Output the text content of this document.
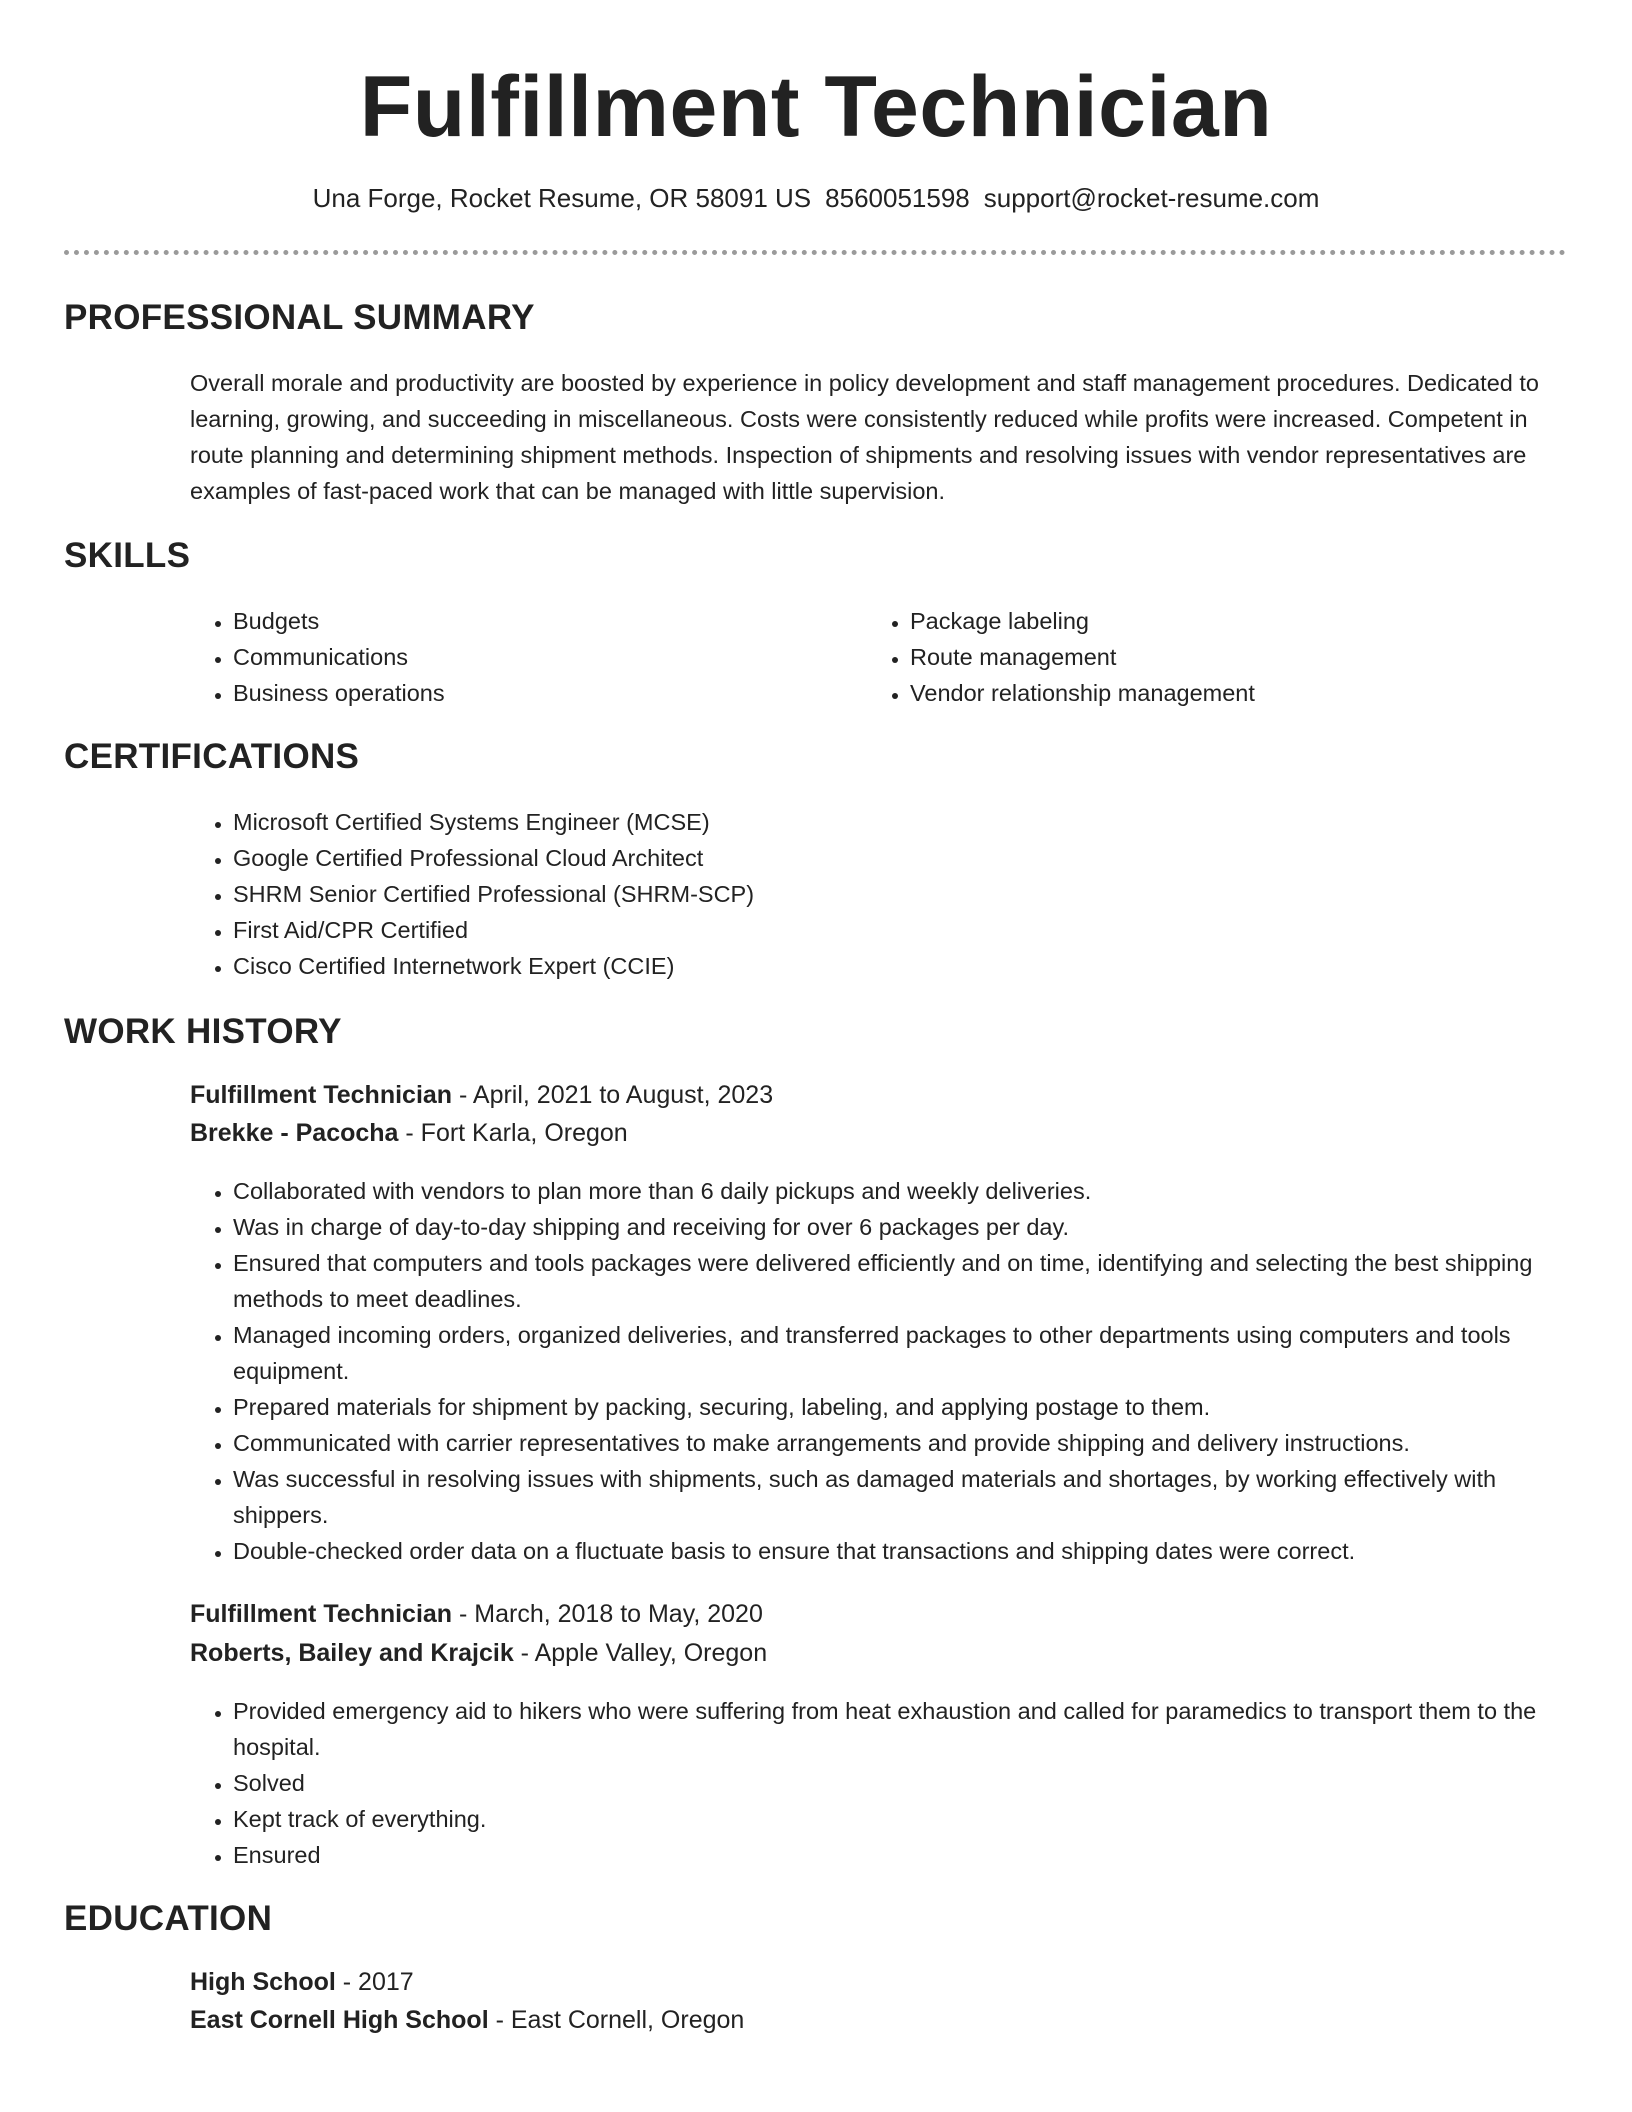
Fulfillment Technician
Una Forge, Rocket Resume, OR 58091 US 8560051598 support@rocket-resume.com
PROFESSIONAL SUMMARY

Overall morale and productivity are boosted by experience in policy development and staff management procedures. Dedicated to learning, growing, and succeeding in miscellaneous. Costs were consistently reduced while profits were increased. Competent in route planning and determining shipment methods. Inspection of shipments and resolving issues with vendor representatives are examples of fast-paced work that can be managed with little supervision.

SKILLS
• Budgets
• Communications
• Business operations
• Package labeling
• Route management
• Vendor relationship management
CERTIFICATIONS
• Microsoft Certified Systems Engineer (MCSE)
• Google Certified Professional Cloud Architect
• SHRM Senior Certified Professional (SHRM-SCP)
• First Aid/CPR Certified
• Cisco Certified Internetwork Expert (CCIE)
WORK HISTORY
Fulfillment Technician - April, 2021 to August, 2023
Brekke - Pacocha - Fort Karla, Oregon
• Collaborated with vendors to plan more than 6 daily pickups and weekly deliveries.
• Was in charge of day-to-day shipping and receiving for over 6 packages per day.
• Ensured that computers and tools packages were delivered efficiently and on time, identifying and selecting the best shipping methods to meet deadlines.
• Managed incoming orders, organized deliveries, and transferred packages to other departments using computers and tools equipment.
• Prepared materials for shipment by packing, securing, labeling, and applying postage to them.
• Communicated with carrier representatives to make arrangements and provide shipping and delivery instructions.
• Was successful in resolving issues with shipments, such as damaged materials and shortages, by working effectively with shippers.
• Double-checked order data on a fluctuate basis to ensure that transactions and shipping dates were correct.
Fulfillment Technician - March, 2018 to May, 2020
Roberts, Bailey and Krajcik - Apple Valley, Oregon
• Provided emergency aid to hikers who were suffering from heat exhaustion and called for paramedics to transport them to the hospital.
• Solved
• Kept track of everything.
• Ensured
EDUCATION
High School - 2017
East Cornell High School - East Cornell, Oregon
